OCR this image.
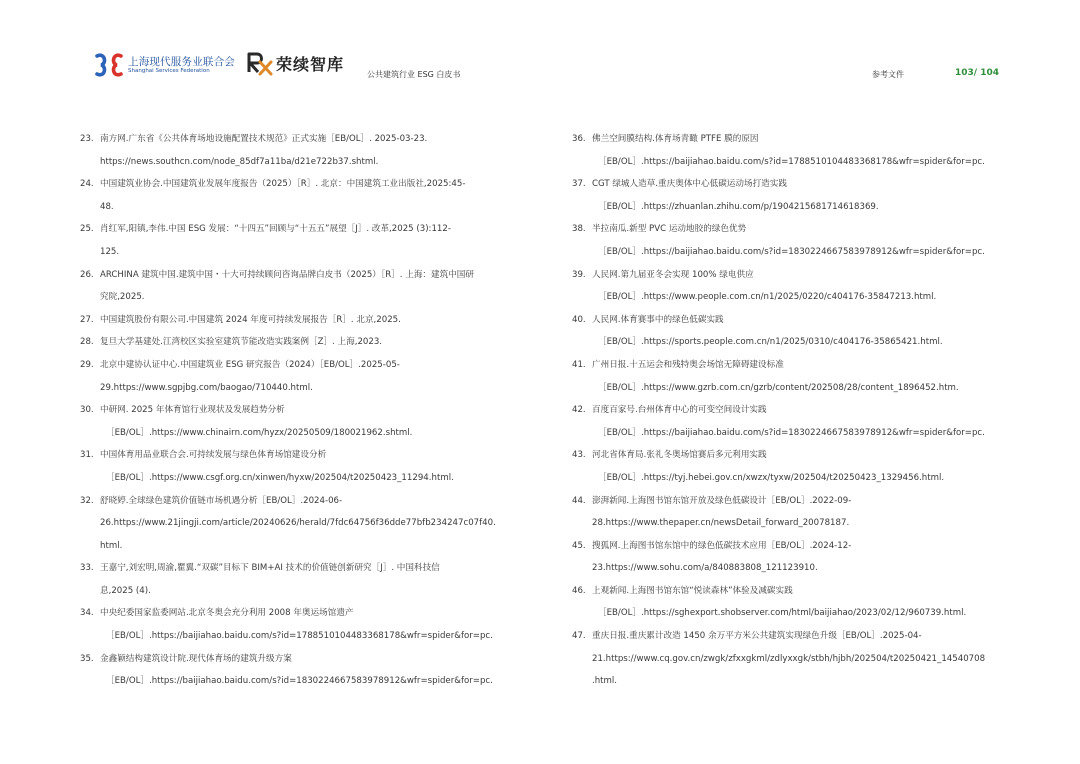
上海现代服务业联合会
Shanghai Services Federation	荣续智库
公共建筑行业 ESG 白皮书	参考文件	103/ 104
23. 南方网.广东省《公共体育场地设施配置技术规范》正式实施［EB/OL］. 2025-03-23.
https://news.southcn.com/node_85df7a11ba/d21e722b37.shtml.
24. 中国建筑业协会.中国建筑业发展年度报告（2025）［R］. 北京：中国建筑工业出版社,2025:45-
48.
25. 肖红军,阳镇,李伟.中国 ESG 发展：“十四五”回顾与“十五五”展望［J］. 改革,2025 (3):112-
125.
26. ARCHINA 建筑中国.建筑中国・十大可持续顾问咨询品牌白皮书（2025）［R］. 上海：建筑中国研
究院,2025.
27. 中国建筑股份有限公司.中国建筑 2024 年度可持续发展报告［R］. 北京,2025.
28. 复旦大学基建处.江湾校区实验室建筑节能改造实践案例［Z］. 上海,2023.
29. 北京中建协认证中心.中国建筑业 ESG 研究报告（2024）［EB/OL］.2025-05-
29.https://www.sgpjbg.com/baogao/710440.html.
30. 中研网. 2025 年体育馆行业现状及发展趋势分析
［EB/OL］.https://www.chinairn.com/hyzx/20250509/180021962.shtml.
31. 中国体育用品业联合会.可持续发展与绿色体育场馆建设分析
［EB/OL］.https://www.csgf.org.cn/xinwen/hyxw/202504/t20250423_11294.html.
32. 舒晓婷.全球绿色建筑价值链市场机遇分析［EB/OL］.2024-06-
26.https://www.21jingji.com/article/20240626/herald/7fdc64756f36dde77bfb234247c07f40.
html.
33. 王嘉宁,刘宏明,周渝,瞿翼.“双碳”目标下 BIM+AI 技术的价值链创新研究［J］. 中国科技信
息,2025 (4).
34. 中央纪委国家监委网站.北京冬奥会充分利用 2008 年奥运场馆遗产
［EB/OL］.https://baijiahao.baidu.com/s?id=1788510104483368178&wfr=spider&for=pc.
35. 金鑫颖结构建筑设计院.现代体育场的建筑升级方案
［EB/OL］.https://baijiahao.baidu.com/s?id=1830224667583978912&wfr=spider&for=pc.
36. 佛兰空间膜结构.体育场青瞰 PTFE 膜的原因
［EB/OL］.https://baijiahao.baidu.com/s?id=1788510104483368178&wfr=spider&for=pc.
37. CGT 绿城人造草.重庆奥体中心低碳运动场打造实践
［EB/OL］.https://zhuanlan.zhihu.com/p/1904215681714618369.
38. 半拉南瓜.新型 PVC 运动地胶的绿色优势
［EB/OL］.https://baijiahao.baidu.com/s?id=1830224667583978912&wfr=spider&for=pc.
39. 人民网.第九届亚冬会实现 100% 绿电供应
［EB/OL］.https://www.people.com.cn/n1/2025/0220/c404176-35847213.html.
40. 人民网.体育赛事中的绿色低碳实践
［EB/OL］.https://sports.people.com.cn/n1/2025/0310/c404176-35865421.html.
41. 广州日报.十五运会和残特奥会场馆无障碍建设标准
［EB/OL］.https://www.gzrb.com.cn/gzrb/content/202508/28/content_1896452.htm.
42. 百度百家号.台州体育中心的可变空间设计实践
［EB/OL］.https://baijiahao.baidu.com/s?id=1830224667583978912&wfr=spider&for=pc.
43. 河北省体育局.张礼冬奥场馆赛后多元利用实践
［EB/OL］.https://tyj.hebei.gov.cn/xwzx/tyxw/202504/t20250423_1329456.html.
44. 澎湃新闻.上海图书馆东馆开放及绿色低碳设计［EB/OL］.2022-09-
28.https://www.thepaper.cn/newsDetail_forward_20078187.
45. 搜狐网.上海图书馆东馆中的绿色低碳技术应用［EB/OL］.2024-12-
23.https://www.sohu.com/a/840883808_121123910.
46. 上观新闻.上海图书馆东馆“悦读森林”体验及减碳实践
［EB/OL］.https://sghexport.shobserver.com/html/baijiahao/2023/02/12/960739.html.
47. 重庆日报.重庆累计改造 1450 余万平方米公共建筑实现绿色升级［EB/OL］.2025-04-
21.https://www.cq.gov.cn/zwgk/zfxxgkml/zdlyxxgk/stbh/hjbh/202504/t20250421_14540708
.html.
